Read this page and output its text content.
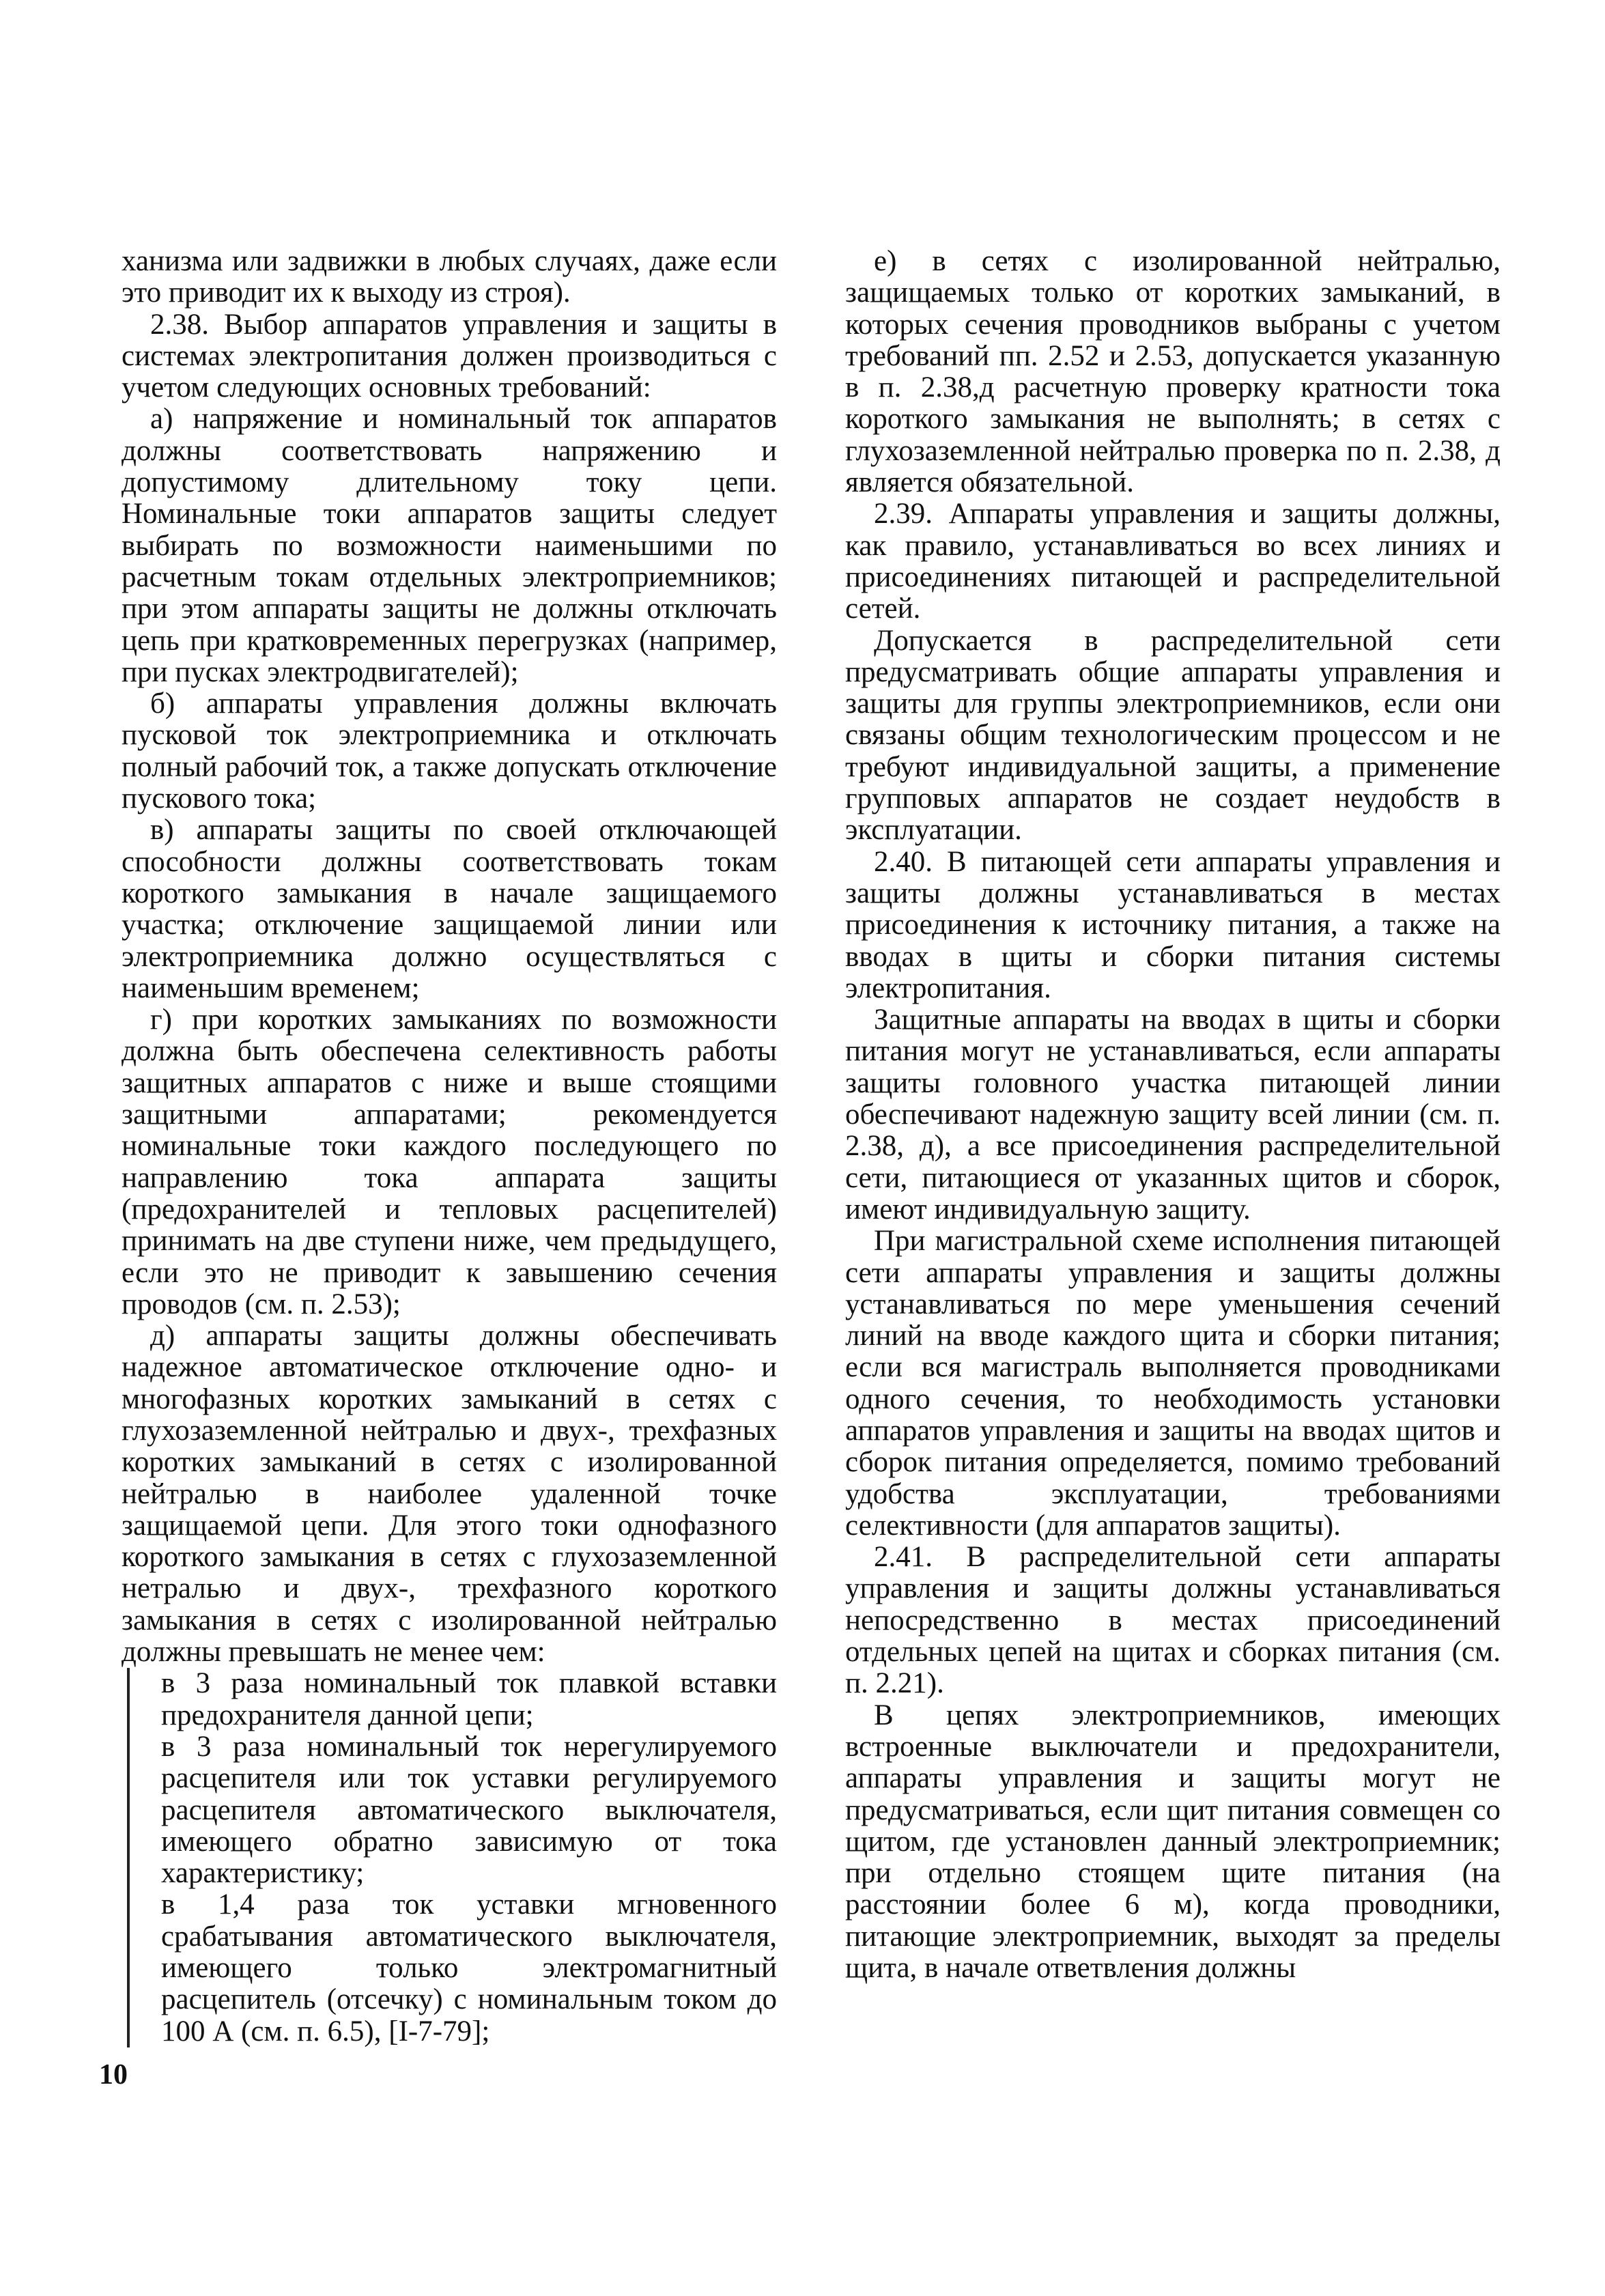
ханизма или задвижки в любых случаях, даже если это приводит их к выходу из строя).

2.38. Выбор аппаратов управления и защиты в системах электропитания должен производиться с учетом следующих основных требований:

а) напряжение и номинальный ток аппаратов должны соответствовать напряжению и допустимому длительному току цепи. Номинальные токи аппаратов защиты следует выбирать по возможности наименьшими по расчетным токам отдельных электроприемников; при этом аппараты защиты не должны отключать цепь при кратковременных перегрузках (например, при пусках электродвигателей);

б) аппараты управления должны включать пусковой ток электроприемника и отключать полный рабочий ток, а также допускать отключение пускового тока;

в) аппараты защиты по своей отключающей способности должны соответствовать токам короткого замыкания в начале защищаемого участка; отключение защищаемой линии или электроприемника должно осуществляться с наименьшим временем;

г) при коротких замыканиях по возможности должна быть обеспечена селективность работы защитных аппаратов с ниже и выше стоящими защитными аппаратами; рекомендуется номинальные токи каждого последующего по направлению тока аппарата защиты (предохранителей и тепловых расцепителей) принимать на две ступени ниже, чем предыдущего, если это не приводит к завышению сечения проводов (см. п. 2.53);

д) аппараты защиты должны обеспечивать надежное автоматическое отключение одно- и многофазных коротких замыканий в сетях с глухозаземленной нейтралью и двух-, трехфазных коротких замыканий в сетях с изолированной нейтралью в наиболее удаленной точке защищаемой цепи. Для этого токи однофазного короткого замыкания в сетях с глухозаземленной нетралью и двух-, трехфазного короткого замыкания в сетях с изолированной нейтралью должны превышать не менее чем:

в 3 раза номинальный ток плавкой вставки предохранителя данной цепи;

в 3 раза номинальный ток нерегулируемого расцепителя или ток уставки регулируемого расцепителя автоматического выключателя, имеющего обратно зависимую от тока характеристику;

в 1,4 раза ток уставки мгновенного срабатывания автоматического выключателя, имеющего только электромагнитный расцепитель (отсечку) с номинальным током до 100 А (см. п. 6.5), [I-7-79];

е) в сетях с изолированной нейтралью, защищаемых только от коротких замыканий, в которых сечения проводников выбраны с учетом требований пп. 2.52 и 2.53, допускается указанную в п. 2.38,д расчетную проверку кратности тока короткого замыкания не выполнять; в сетях с глухозаземленной нейтралью проверка по п. 2.38, д является обязательной.

2.39. Аппараты управления и защиты должны, как правило, устанавливаться во всех линиях и присоединениях питающей и распределительной сетей.

Допускается в распределительной сети предусматривать общие аппараты управления и защиты для группы электроприемников, если они связаны общим технологическим процессом и не требуют индивидуальной защиты, а применение групповых аппаратов не создает неудобств в эксплуатации.

2.40. В питающей сети аппараты управления и защиты должны устанавливаться в местах присоединения к источнику питания, а также на вводах в щиты и сборки питания системы электропитания.

Защитные аппараты на вводах в щиты и сборки питания могут не устанавливаться, если аппараты защиты головного участка питающей линии обеспечивают надежную защиту всей линии (см. п. 2.38, д), а все присоединения распределительной сети, питающиеся от указанных щитов и сборок, имеют индивидуальную защиту.

При магистральной схеме исполнения питающей сети аппараты управления и защиты должны устанавливаться по мере уменьшения сечений линий на вводе каждого щита и сборки питания; если вся магистраль выполняется проводниками одного сечения, то необходимость установки аппаратов управления и защиты на вводах щитов и сборок питания определяется, помимо требований удобства эксплуатации, требованиями селективности (для аппаратов защиты).

2.41. В распределительной сети аппараты управления и защиты должны устанавливаться непосредственно в местах присоединений отдельных цепей на щитах и сборках питания (см. п. 2.21).

В цепях электроприемников, имеющих встроенные выключатели и предохранители, аппараты управления и защиты могут не предусматриваться, если щит питания совмещен со щитом, где установлен данный электроприемник; при отдельно стоящем щите питания (на расстоянии более 6 м), когда проводники, питающие электроприемник, выходят за пределы щита, в начале ответвления должны

10
